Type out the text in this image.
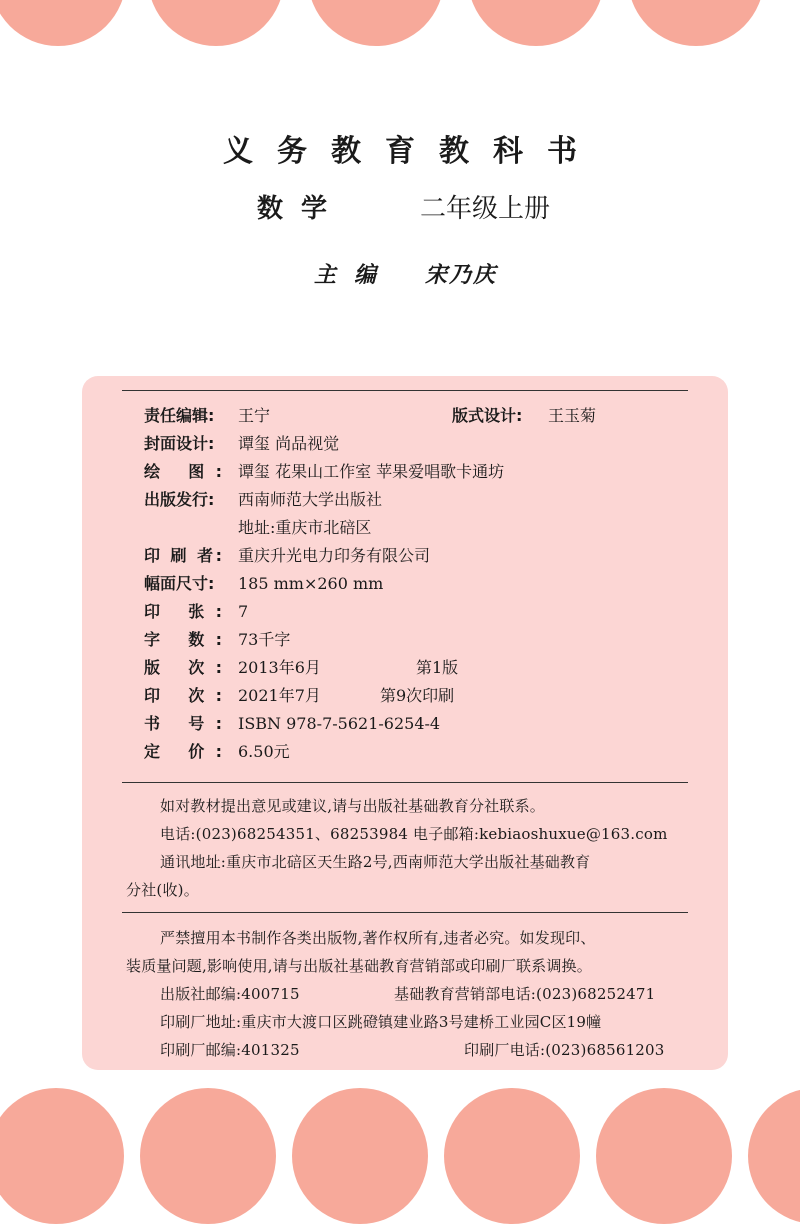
义务教育教科书
数学	二年级上册
主编 宋乃庆
责任编辑: 王宁	版式设计: 王玉菊
封面设计: 谭玺 尚品视觉
绘 图: 谭玺 花果山工作室 苹果爱唱歌卡通坊
出版发行: 西南师范大学出版社
地址:重庆市北碚区
印 刷 者: 重庆升光电力印务有限公司
幅面尺寸: 185 mm×260 mm
印 张: 7
字 数: 73千字
版 次: 2013年6月	第1版
印 次: 2021年7月	第9次印刷
书 号: ISBN 978-7-5621-6254-4
定 价: 6.50元
如对教材提出意见或建议,请与出版社基础教育分社联系。
电话:(023)68254351、68253984 电子邮箱:kebiaoshuxue@163.com
通讯地址:重庆市北碚区天生路2号,西南师范大学出版社基础教育
分社(收)。
严禁擅用本书制作各类出版物,著作权所有,违者必究。如发现印、
装质量问题,影响使用,请与出版社基础教育营销部或印刷厂联系调换。
出版社邮编:400715	基础教育营销部电话:(023)68252471
印刷厂地址:重庆市大渡口区跳磴镇建业路3号建桥工业园C区19幢
印刷厂邮编:401325	印刷厂电话:(023)68561203
